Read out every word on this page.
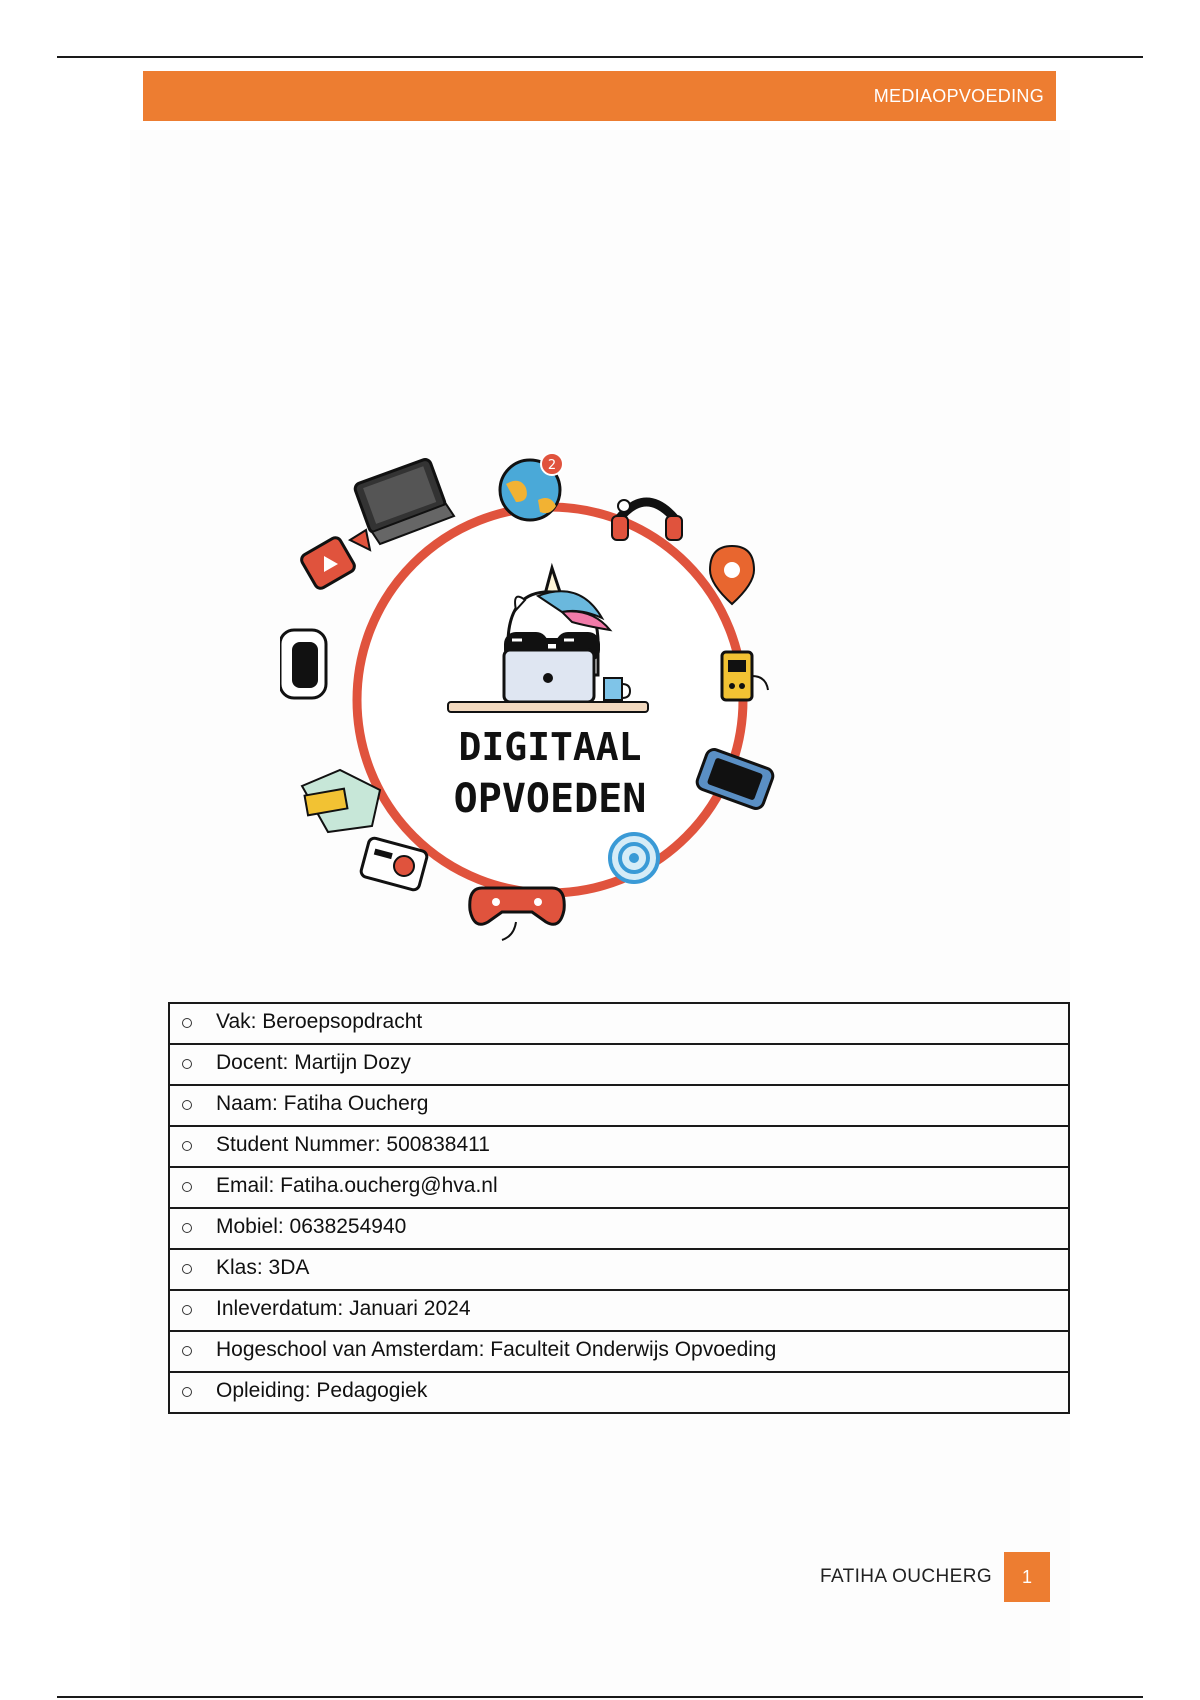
MEDIAOPVOEDING
DIGITAAL
OPVOEDEN
2
Vak: Beroepsopdracht

Docent: Martijn Dozy

Naam: Fatiha Oucherg

Student Nummer: 500838411

Email: Fatiha.oucherg@hva.nl

Mobiel: 0638254940

Klas: 3DA

Inleverdatum: Januari 2024

Hogeschool van Amsterdam: Faculteit Onderwijs Opvoeding

Opleiding: Pedagogiek
FATIHA OUCHERG	1
